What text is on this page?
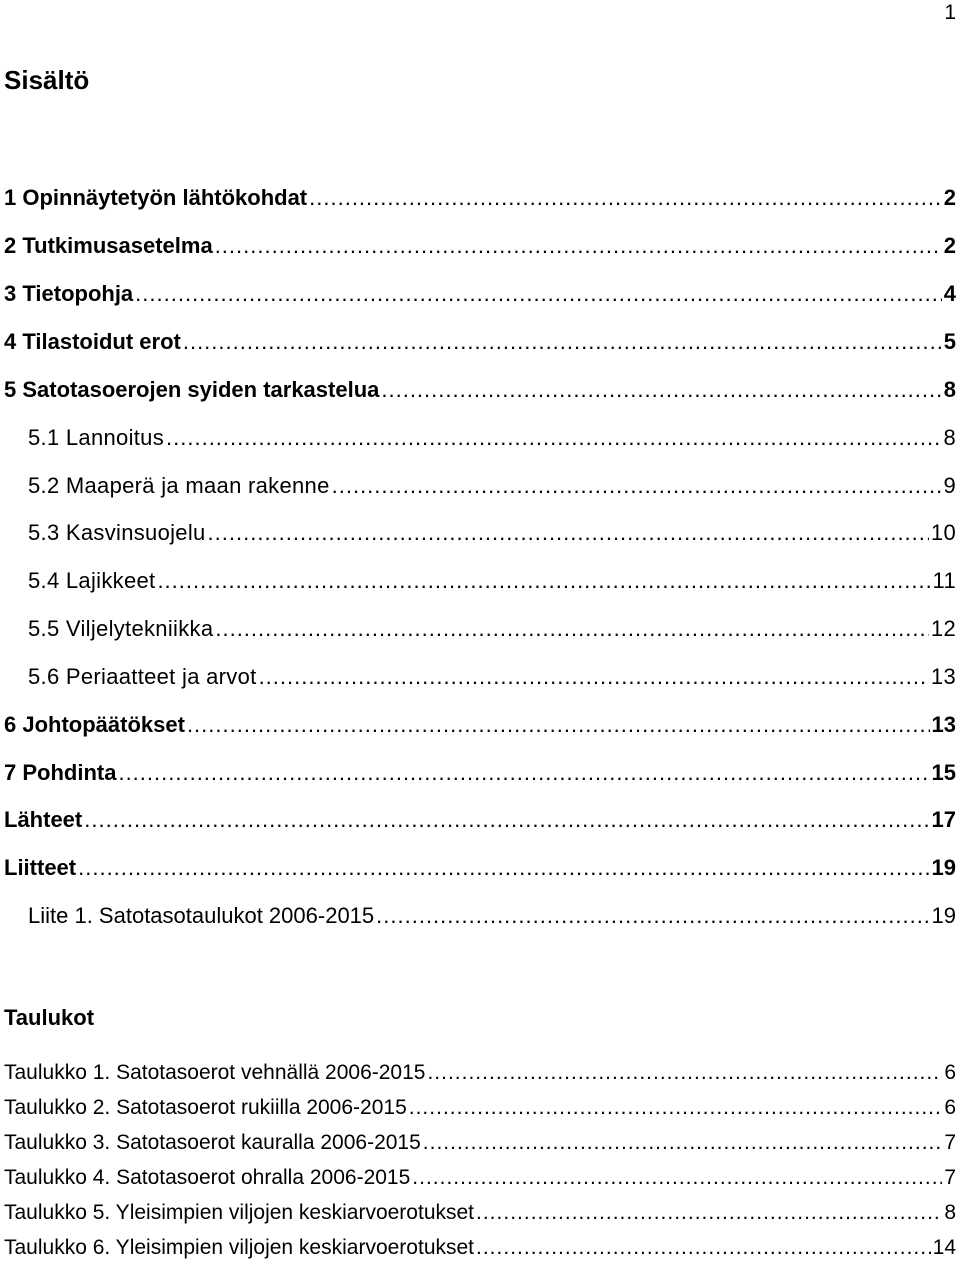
1
Sisältö
1 Opinnäytetyön lähtökohdat .....	2
2 Tutkimusasetelma .....	2
3 Tietopohja .....	4
4 Tilastoidut erot .....	5
5 Satotasoerojen syiden tarkastelua .....	8
5.1 Lannoitus .....	8
5.2 Maaperä ja maan rakenne .....	9
5.3 Kasvinsuojelu .....	10
5.4 Lajikkeet .....	11
5.5 Viljelytekniikka .....	12
5.6 Periaatteet ja arvot .....	13
6 Johtopäätökset .....	13
7 Pohdinta .....	15
Lähteet .....	17
Liitteet .....	19
Liite 1. Satotasotaulukot 2006-2015 .....	19
Taulukot
Taulukko 1. Satotasoerot vehnällä 2006-2015 .....	6
Taulukko 2. Satotasoerot rukiilla 2006-2015 .....	6
Taulukko 3. Satotasoerot kauralla 2006-2015 .....	7
Taulukko 4. Satotasoerot ohralla 2006-2015 .....	7
Taulukko 5. Yleisimpien viljojen keskiarvoerotukset .....	8
Taulukko 6. Yleisimpien viljojen keskiarvoerotukset .....	14
